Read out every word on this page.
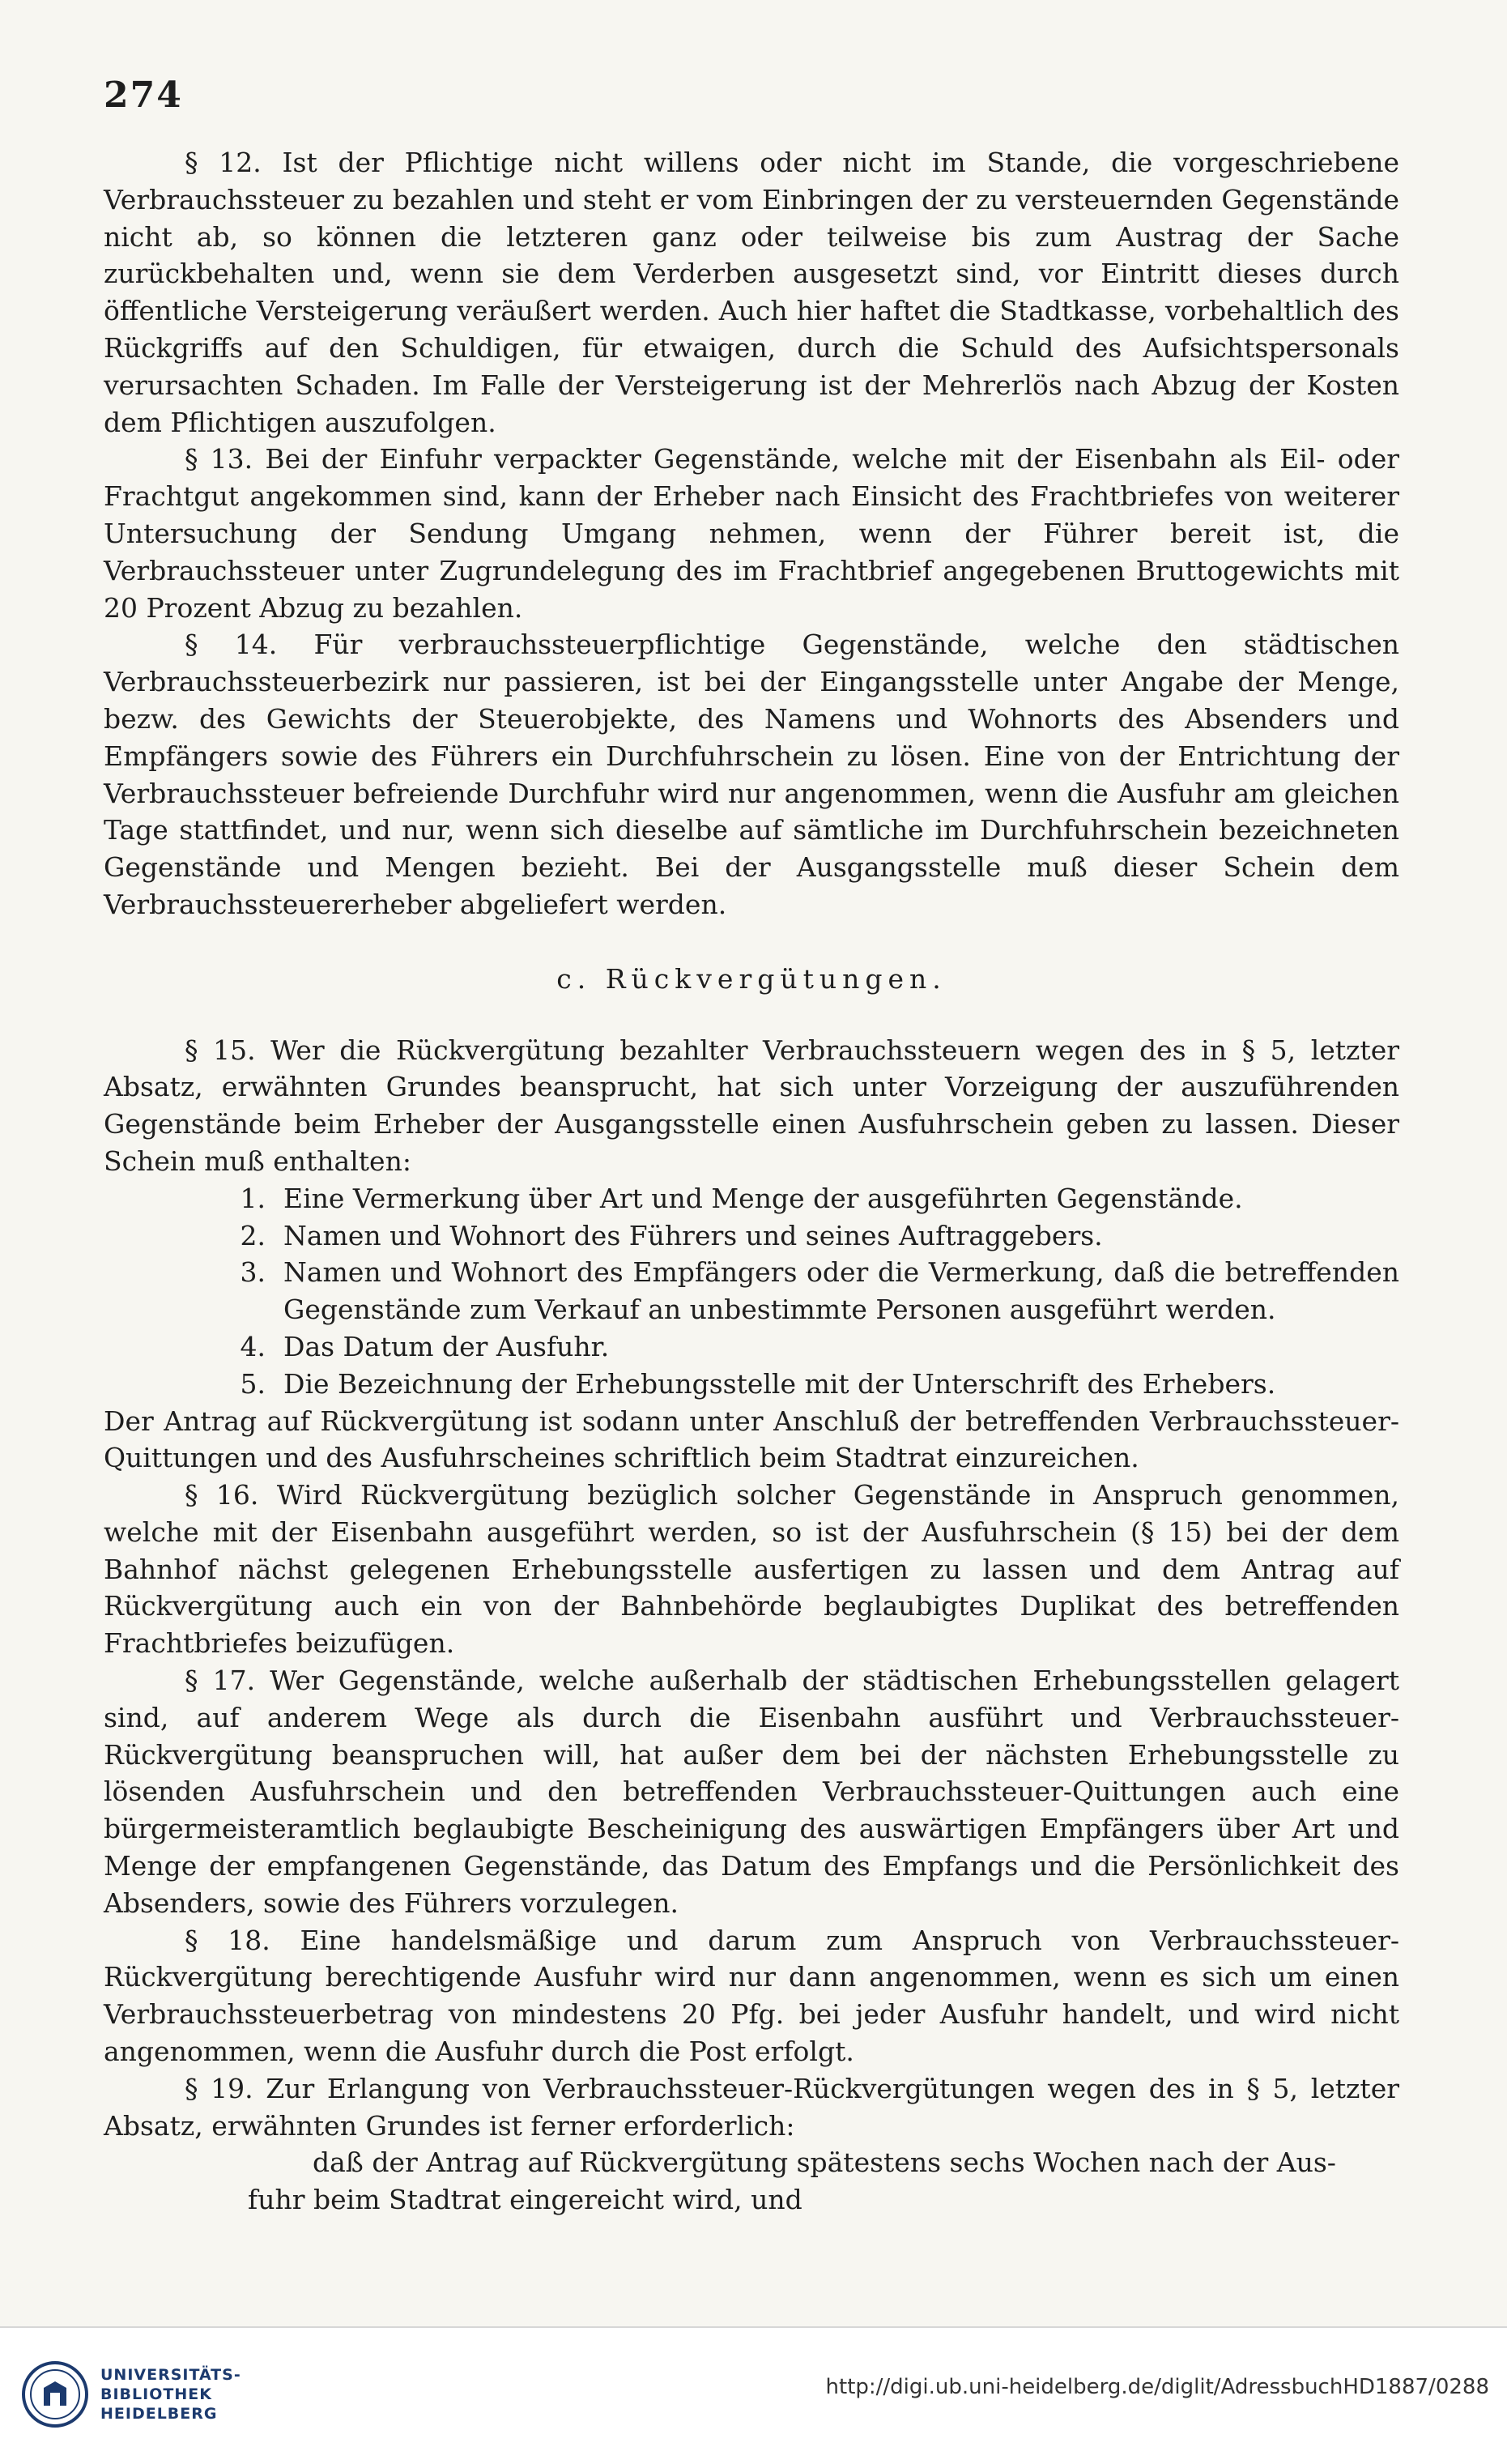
274

§ 12. Ist der Pflichtige nicht willens oder nicht im Stande, die vorgeschriebene Verbrauchssteuer zu bezahlen und steht er vom Einbringen der zu versteuernden Gegenstände nicht ab, so können die letzteren ganz oder teilweise bis zum Austrag der Sache zurückbehalten und, wenn sie dem Verderben ausgesetzt sind, vor Eintritt dieses durch öffentliche Versteigerung veräußert werden. Auch hier haftet die Stadtkasse, vorbehaltlich des Rückgriffs auf den Schuldigen, für etwaigen, durch die Schuld des Aufsichtspersonals verursachten Schaden. Im Falle der Versteigerung ist der Mehrerlös nach Abzug der Kosten dem Pflichtigen auszufolgen.

§ 13. Bei der Einfuhr verpackter Gegenstände, welche mit der Eisenbahn als Eil- oder Frachtgut angekommen sind, kann der Erheber nach Einsicht des Frachtbriefes von weiterer Untersuchung der Sendung Umgang nehmen, wenn der Führer bereit ist, die Verbrauchssteuer unter Zugrundelegung des im Frachtbrief angegebenen Bruttogewichts mit 20 Prozent Abzug zu bezahlen.

§ 14. Für verbrauchssteuerpflichtige Gegenstände, welche den städtischen Verbrauchssteuerbezirk nur passieren, ist bei der Eingangsstelle unter Angabe der Menge, bezw. des Gewichts der Steuerobjekte, des Namens und Wohnorts des Absenders und Empfängers sowie des Führers ein Durchfuhrschein zu lösen. Eine von der Entrichtung der Verbrauchssteuer befreiende Durchfuhr wird nur angenommen, wenn die Ausfuhr am gleichen Tage stattfindet, und nur, wenn sich dieselbe auf sämtliche im Durchfuhrschein bezeichneten Gegenstände und Mengen bezieht. Bei der Ausgangsstelle muß dieser Schein dem Verbrauchssteuererheber abgeliefert werden.

c. Rückvergütungen.

§ 15. Wer die Rückvergütung bezahlter Verbrauchssteuern wegen des in § 5, letzter Absatz, erwähnten Grundes beansprucht, hat sich unter Vorzeigung der auszuführenden Gegenstände beim Erheber der Ausgangsstelle einen Ausfuhrschein geben zu lassen. Dieser Schein muß enthalten:

1. Eine Vermerkung über Art und Menge der ausgeführten Gegenstände.
2. Namen und Wohnort des Führers und seines Auftraggebers.
3. Namen und Wohnort des Empfängers oder die Vermerkung, daß die betreffenden Gegenstände zum Verkauf an unbestimmte Personen ausgeführt werden.
4. Das Datum der Ausfuhr.
5. Die Bezeichnung der Erhebungsstelle mit der Unterschrift des Erhebers.

Der Antrag auf Rückvergütung ist sodann unter Anschluß der betreffenden Verbrauchssteuer-Quittungen und des Ausfuhrscheines schriftlich beim Stadtrat einzureichen.

§ 16. Wird Rückvergütung bezüglich solcher Gegenstände in Anspruch genommen, welche mit der Eisenbahn ausgeführt werden, so ist der Ausfuhrschein (§ 15) bei der dem Bahnhof nächst gelegenen Erhebungsstelle ausfertigen zu lassen und dem Antrag auf Rückvergütung auch ein von der Bahnbehörde beglaubigtes Duplikat des betreffenden Frachtbriefes beizufügen.

§ 17. Wer Gegenstände, welche außerhalb der städtischen Erhebungsstellen gelagert sind, auf anderem Wege als durch die Eisenbahn ausführt und Verbrauchssteuer-Rückvergütung beanspruchen will, hat außer dem bei der nächsten Erhebungsstelle zu lösenden Ausfuhrschein und den betreffenden Verbrauchssteuer-Quittungen auch eine bürgermeisteramtlich beglaubigte Bescheinigung des auswärtigen Empfängers über Art und Menge der empfangenen Gegenstände, das Datum des Empfangs und die Persönlichkeit des Absenders, sowie des Führers vorzulegen.

§ 18. Eine handelsmäßige und darum zum Anspruch von Verbrauchssteuer-Rückvergütung berechtigende Ausfuhr wird nur dann angenommen, wenn es sich um einen Verbrauchssteuerbetrag von mindestens 20 Pfg. bei jeder Ausfuhr handelt, und wird nicht angenommen, wenn die Ausfuhr durch die Post erfolgt.

§ 19. Zur Erlangung von Verbrauchssteuer-Rückvergütungen wegen des in § 5, letzter Absatz, erwähnten Grundes ist ferner erforderlich:

daß der Antrag auf Rückvergütung spätestens sechs Wochen nach der Aus-
fuhr beim Stadtrat eingereicht wird, und
UNIVERSITÄTS-
BIBLIOTHEK
HEIDELBERG
http://digi.ub.uni-heidelberg.de/diglit/AdressbuchHD1887/0288
